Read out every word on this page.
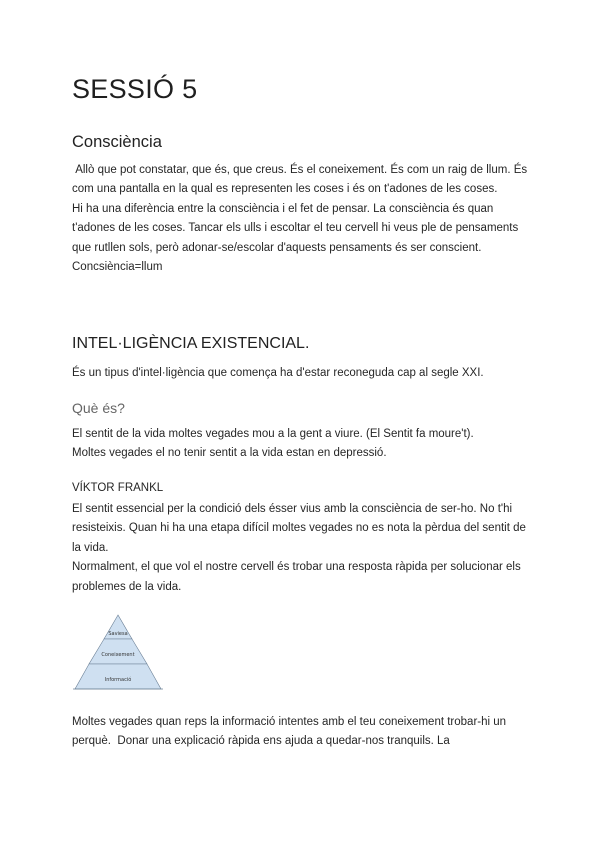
SESSIÓ 5
Consciència

Allò que pot constatar, que és, que creus. És el coneixement. És com un raig de llum. És com una pantalla en la qual es representen les coses i és on t'adones de les coses.

Hi ha una diferència entre la consciència i el fet de pensar. La consciència és quan t'adones de les coses. Tancar els ulls i escoltar el teu cervell hi veus ple de pensaments que rutllen sols, però adonar-se/escolar d'aquests pensaments és ser conscient.

Concsiència=llum

INTEL·LIGÈNCIA EXISTENCIAL.

És un tipus d'intel·ligència que comença ha d'estar reconeguda cap al segle XXI.

Què és?

El sentit de la vida moltes vegades mou a la gent a viure. (El Sentit fa moure't).

Moltes vegades el no tenir sentit a la vida estan en depressió.

VÍKTOR FRANKL

El sentit essencial per la condició dels ésser vius amb la consciència de ser-ho. No t'hi resisteixis. Quan hi ha una etapa difícil moltes vegades no es nota la pèrdua del sentit de la vida.

Normalment, el que vol el nostre cervell és trobar una resposta ràpida per solucionar els problemes de la vida.

Saviesa
Coneixement
Informació

Moltes vegades quan reps la informació intentes amb el teu coneixement trobar-hi un perquè.  Donar una explicació ràpida ens ajuda a quedar-nos tranquils. La
